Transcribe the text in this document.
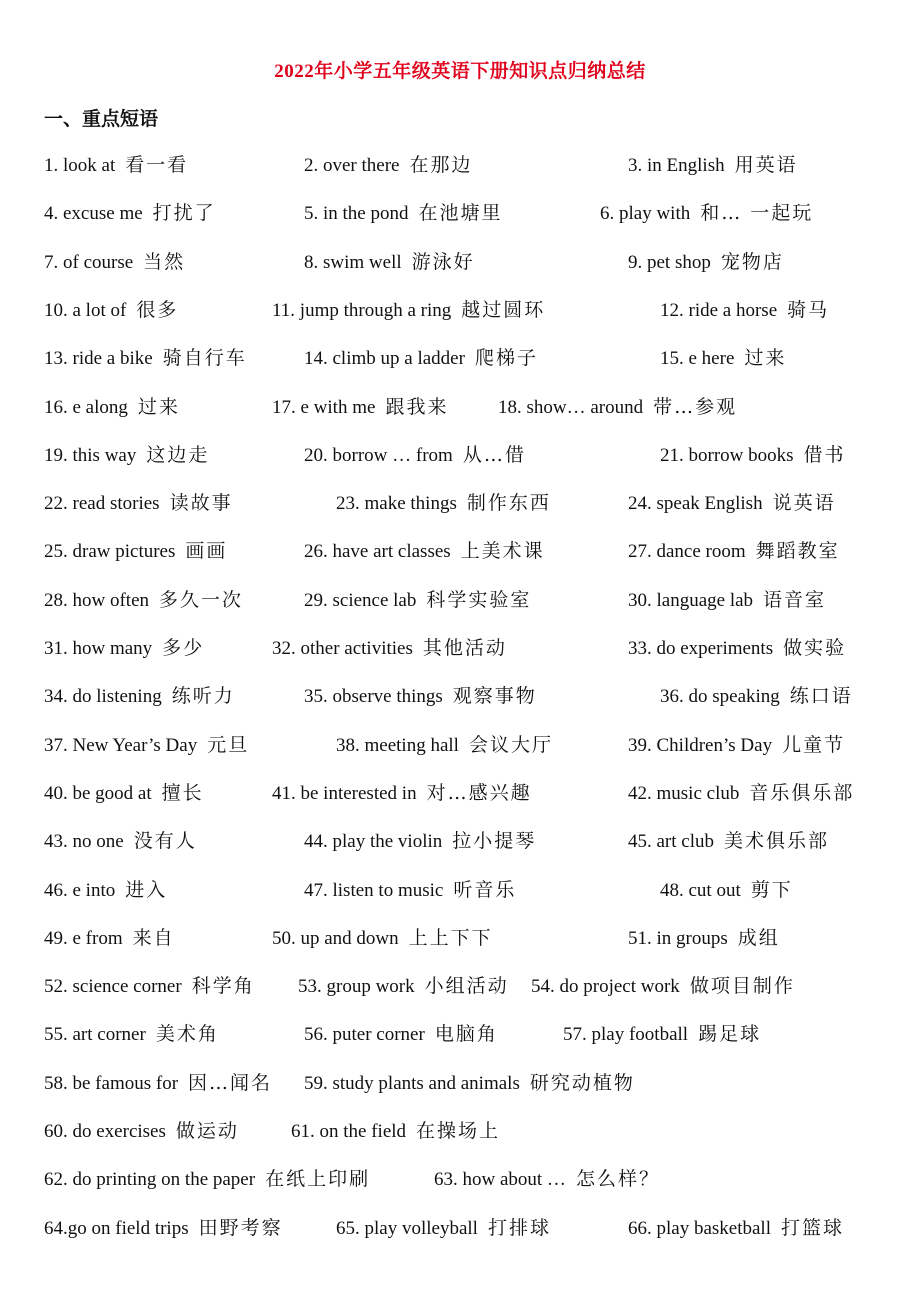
2022年小学五年级英语下册知识点归纳总结
一、重点短语
1. look at 看一看	2. over there 在那边	3. in English 用英语
4. excuse me 打扰了	5. in the pond 在池塘里	6. play with 和… 一起玩
7. of course 当然	8. swim well 游泳好	9. pet shop 宠物店
10. a lot of 很多	11. jump through a ring 越过圆环	12. ride a horse 骑马
13. ride a bike 骑自行车	14. climb up a ladder 爬梯子	15. e here 过来
16. e along 过来	17. e with me 跟我来	18. show… around 带…参观
19. this way 这边走	20. borrow … from 从…借	21. borrow books 借书
22. read stories 读故事	23. make things 制作东西	24. speak English 说英语
25. draw pictures 画画	26. have art classes 上美术课	27. dance room 舞蹈教室
28. how often 多久一次	29. science lab 科学实验室	30. language lab 语音室
31. how many 多少	32. other activities 其他活动	33. do experiments 做实验
34. do listening 练听力	35. observe things 观察事物	36. do speaking 练口语
37. New Year’s Day 元旦	38. meeting hall 会议大厅	39. Children’s Day 儿童节
40. be good at 擅长	41. be interested in 对…感兴趣	42. music club 音乐俱乐部
43. no one 没有人	44. play the violin 拉小提琴	45. art club 美术俱乐部
46. e into 进入	47. listen to music 听音乐	48. cut out 剪下
49. e from 来自	50. up and down 上上下下	51. in groups 成组
52. science corner 科学角 53. group work 小组活动 54. do project work 做项目制作
55. art corner 美术角	56. puter corner 电脑角	57. play football 踢足球
58. be famous for 因…闻名 59. study plants and animals 研究动植物
60. do exercises 做运动	61. on the field 在操场上
62. do printing on the paper 在纸上印刷	63. how about … 怎么样？
64.go on field trips 田野考察	65. play volleyball 打排球	66. play basketball 打篮球
